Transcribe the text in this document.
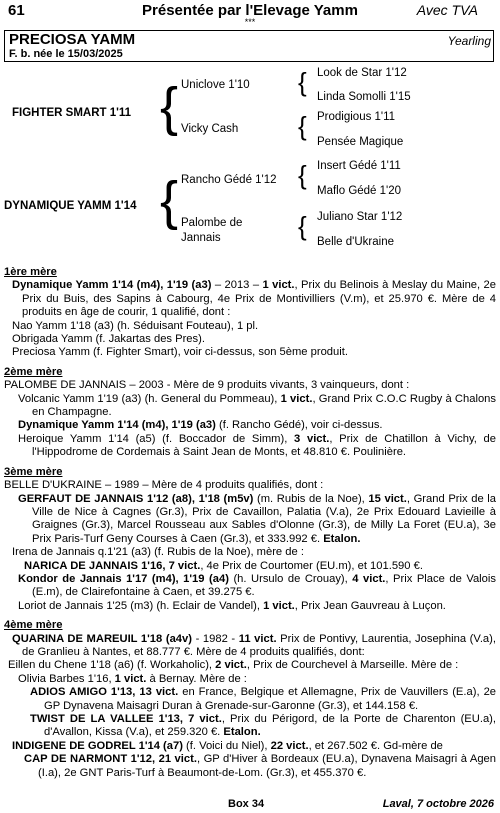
61	Présentée par l'Elevage Yamm	Avec TVA
***
PRECIOSA YAMM
F. b. née le 15/03/2025
Yearling
FIGHTER SMART 1'11 { Uniclove 1'10
Vicky Cash
{ Look de Star 1'12
Linda Somolli 1'15
{ Prodigious 1'11
Pensée Magique
DYNAMIQUE YAMM 1'14 { Rancho Gédé 1'12
Palombe de
Jannais
{ Insert Gédé 1'11
Maflo Gédé 1'20
{ Juliano Star 1'12
Belle d'Ukraine

1ère mère

Dynamique Yamm 1'14 (m4), 1'19 (a3) – 2013 – 1 vict., Prix du Belinois à Meslay du Maine, 2e Prix du Buis, des Sapins à Cabourg, 4e Prix de Montivilliers (V.m), et 25.970 €. Mère de 4 produits en âge de courir, 1 qualifié, dont :

Nao Yamm 1'18 (a3) (h. Séduisant Fouteau), 1 pl.

Obrigada Yamm (f. Jakartas des Pres).

Preciosa Yamm (f. Fighter Smart), voir ci-dessus, son 5ème produit.

2ème mère

PALOMBE DE JANNAIS – 2003 - Mère de 9 produits vivants, 3 vainqueurs, dont :

Volcanic Yamm 1'19 (a3) (h. General du Pommeau), 1 vict., Grand Prix C.O.C Rugby à Chalons en Champagne.

Dynamique Yamm 1'14 (m4), 1'19 (a3) (f. Rancho Gédé), voir ci-dessus.

Heroique Yamm 1'14 (a5) (f. Boccador de Simm), 3 vict., Prix de Chatillon à Vichy, de l'Hippodrome de Cordemais à Saint Jean de Monts, et 48.810 €. Poulinière.

3ème mère

BELLE D'UKRAINE – 1989 – Mère de 4 produits qualifiés, dont :

GERFAUT DE JANNAIS 1'12 (a8), 1'18 (m5v) (m. Rubis de la Noe), 15 vict., Grand Prix de la Ville de Nice à Cagnes (Gr.3), Prix de Cavaillon, Palatia (V.a), 2e Prix Edouard Lavieille à Graignes (Gr.3), Marcel Rousseau aux Sables d'Olonne (Gr.3), de Milly La Foret (EU.a), 3e Prix Paris-Turf Geny Courses à Caen (Gr.3), et 333.992 €. Etalon.

Irena de Jannais q.1'21 (a3) (f. Rubis de la Noe), mère de :

NARICA DE JANNAIS 1'16, 7 vict., 4e Prix de Courtomer (EU.m), et 101.590 €.

Kondor de Jannais 1'17 (m4), 1'19 (a4) (h. Ursulo de Crouay), 4 vict., Prix Place de Valois (E.m), de Clairefontaine à Caen, et 39.275 €.

Loriot de Jannais 1'25 (m3) (h. Eclair de Vandel), 1 vict., Prix Jean Gauvreau à Luçon.

4ème mère

QUARINA DE MAREUIL 1'18 (a4v) - 1982 - 11 vict. Prix de Pontivy, Laurentia, Josephina (V.a), de Granlieu à Nantes, et 88.777 €. Mère de 4 produits qualifiés, dont:

Eillen du Chene 1'18 (a6) (f. Workaholic), 2 vict., Prix de Courchevel à Marseille. Mère de :

Olivia Barbes 1'16, 1 vict. à Bernay. Mère de :

ADIOS AMIGO 1'13, 13 vict. en France, Belgique et Allemagne, Prix de Vauvillers (E.a), 2e GP Dynavena Maisagri Duran à Grenade-sur-Garonne (Gr.3), et 144.158 €.

TWIST DE LA VALLEE 1'13, 7 vict., Prix du Périgord, de la Porte de Charenton (EU.a), d'Avallon, Kissa (V.a), et 259.320 €. Etalon.

INDIGENE DE GODREL 1'14 (a7) (f. Voici du Niel), 22 vict., et 267.502 €. Gd-mère de

CAP DE NARMONT 1'12, 21 vict., GP d'Hiver à Bordeaux (EU.a), Dynavena Maisagri à Agen (I.a), 2e GNT Paris-Turf à Beaumont-de-Lom. (Gr.3), et 455.370 €.

Box 34	Laval, 7 octobre 2026
